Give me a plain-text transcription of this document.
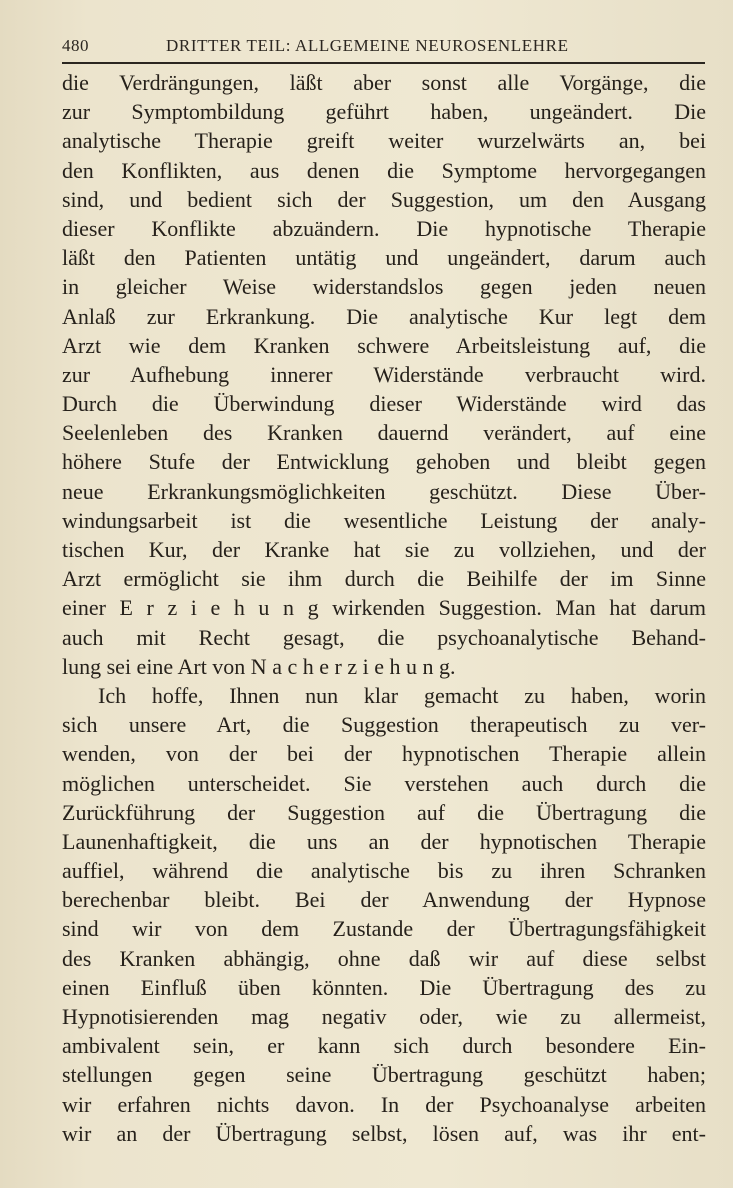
480	DRITTER TEIL: ALLGEMEINE NEUROSENLEHRE
die Verdrängungen, läßt aber sonst alle Vorgänge, die
zur Symptombildung geführt haben, ungeändert. Die
analytische Therapie greift weiter wurzelwärts an, bei
den Konflikten, aus denen die Symptome hervorgegangen
sind, und bedient sich der Suggestion, um den Ausgang
dieser Konflikte abzuändern. Die hypnotische Therapie
läßt den Patienten untätig und ungeändert, darum auch
in gleicher Weise widerstandslos gegen jeden neuen
Anlaß zur Erkrankung. Die analytische Kur legt dem
Arzt wie dem Kranken schwere Arbeitsleistung auf, die
zur Aufhebung innerer Widerstände verbraucht wird.
Durch die Überwindung dieser Widerstände wird das
Seelenleben des Kranken dauernd verändert, auf eine
höhere Stufe der Entwicklung gehoben und bleibt gegen
neue Erkrankungsmöglichkeiten geschützt. Diese Über-
windungsarbeit ist die wesentliche Leistung der analy-
tischen Kur, der Kranke hat sie zu vollziehen, und der
Arzt ermöglicht sie ihm durch die Beihilfe der im Sinne
einer E r z i e h u n g wirkenden Suggestion. Man hat darum
auch mit Recht gesagt, die psychoanalytische Behand-
lung sei eine Art von N a c h e r z i e h u n g.
Ich hoffe, Ihnen nun klar gemacht zu haben, worin
sich unsere Art, die Suggestion therapeutisch zu ver-
wenden, von der bei der hypnotischen Therapie allein
möglichen unterscheidet. Sie verstehen auch durch die
Zurückführung der Suggestion auf die Übertragung die
Launenhaftigkeit, die uns an der hypnotischen Therapie
auffiel, während die analytische bis zu ihren Schranken
berechenbar bleibt. Bei der Anwendung der Hypnose
sind wir von dem Zustande der Übertragungsfähigkeit
des Kranken abhängig, ohne daß wir auf diese selbst
einen Einfluß üben könnten. Die Übertragung des zu
Hypnotisierenden mag negativ oder, wie zu allermeist,
ambivalent sein, er kann sich durch besondere Ein-
stellungen gegen seine Übertragung geschützt haben;
wir erfahren nichts davon. In der Psychoanalyse arbeiten
wir an der Übertragung selbst, lösen auf, was ihr ent-
